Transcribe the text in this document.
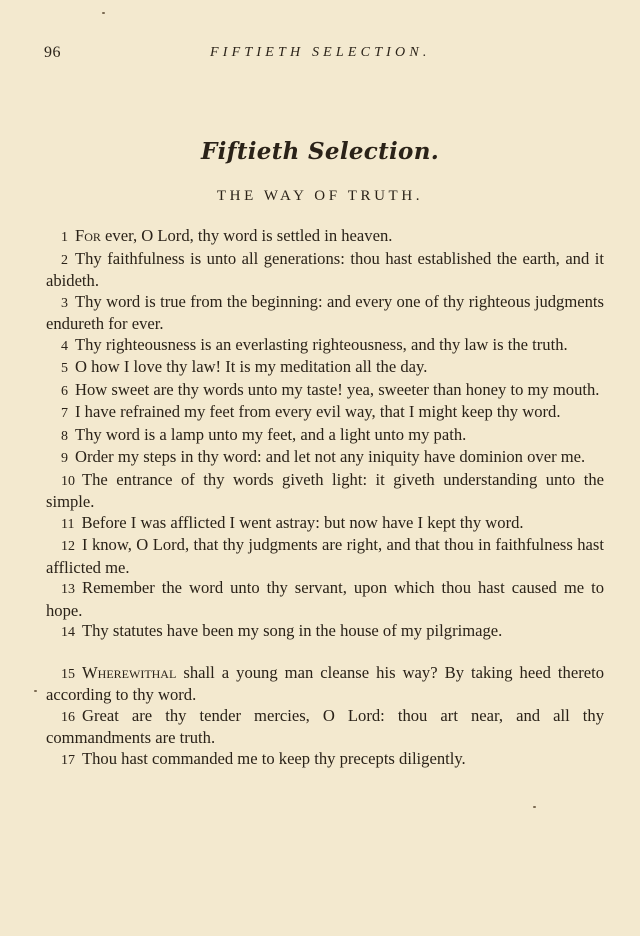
96	FIFTIETH SELECTION.
Fiftieth Selection.
THE WAY OF TRUTH.

1 For ever, O Lord, thy word is settled in heaven.

2 Thy faithfulness is unto all generations: thou hast established the earth, and it abideth.

3 Thy word is true from the beginning: and every one of thy righteous judgments endureth for ever.

4 Thy righteousness is an everlasting righteousness, and thy law is the truth.

5 O how I love thy law! It is my meditation all the day.

6 How sweet are thy words unto my taste! yea, sweeter than honey to my mouth.

7 I have refrained my feet from every evil way, that I might keep thy word.

8 Thy word is a lamp unto my feet, and a light unto my path.

9 Order my steps in thy word: and let not any iniquity have dominion over me.

10 The entrance of thy words giveth light: it giveth understanding unto the simple.

11 Before I was afflicted I went astray: but now have I kept thy word.

12 I know, O Lord, that thy judgments are right, and that thou in faithfulness hast afflicted me.

13 Remember the word unto thy servant, upon which thou hast caused me to hope.

14 Thy statutes have been my song in the house of my pilgrimage.

15 Wherewithal shall a young man cleanse his way? By taking heed thereto according to thy word.

16 Great are thy tender mercies, O Lord: thou art near, and all thy commandments are truth.

17 Thou hast commanded me to keep thy precepts diligently.
